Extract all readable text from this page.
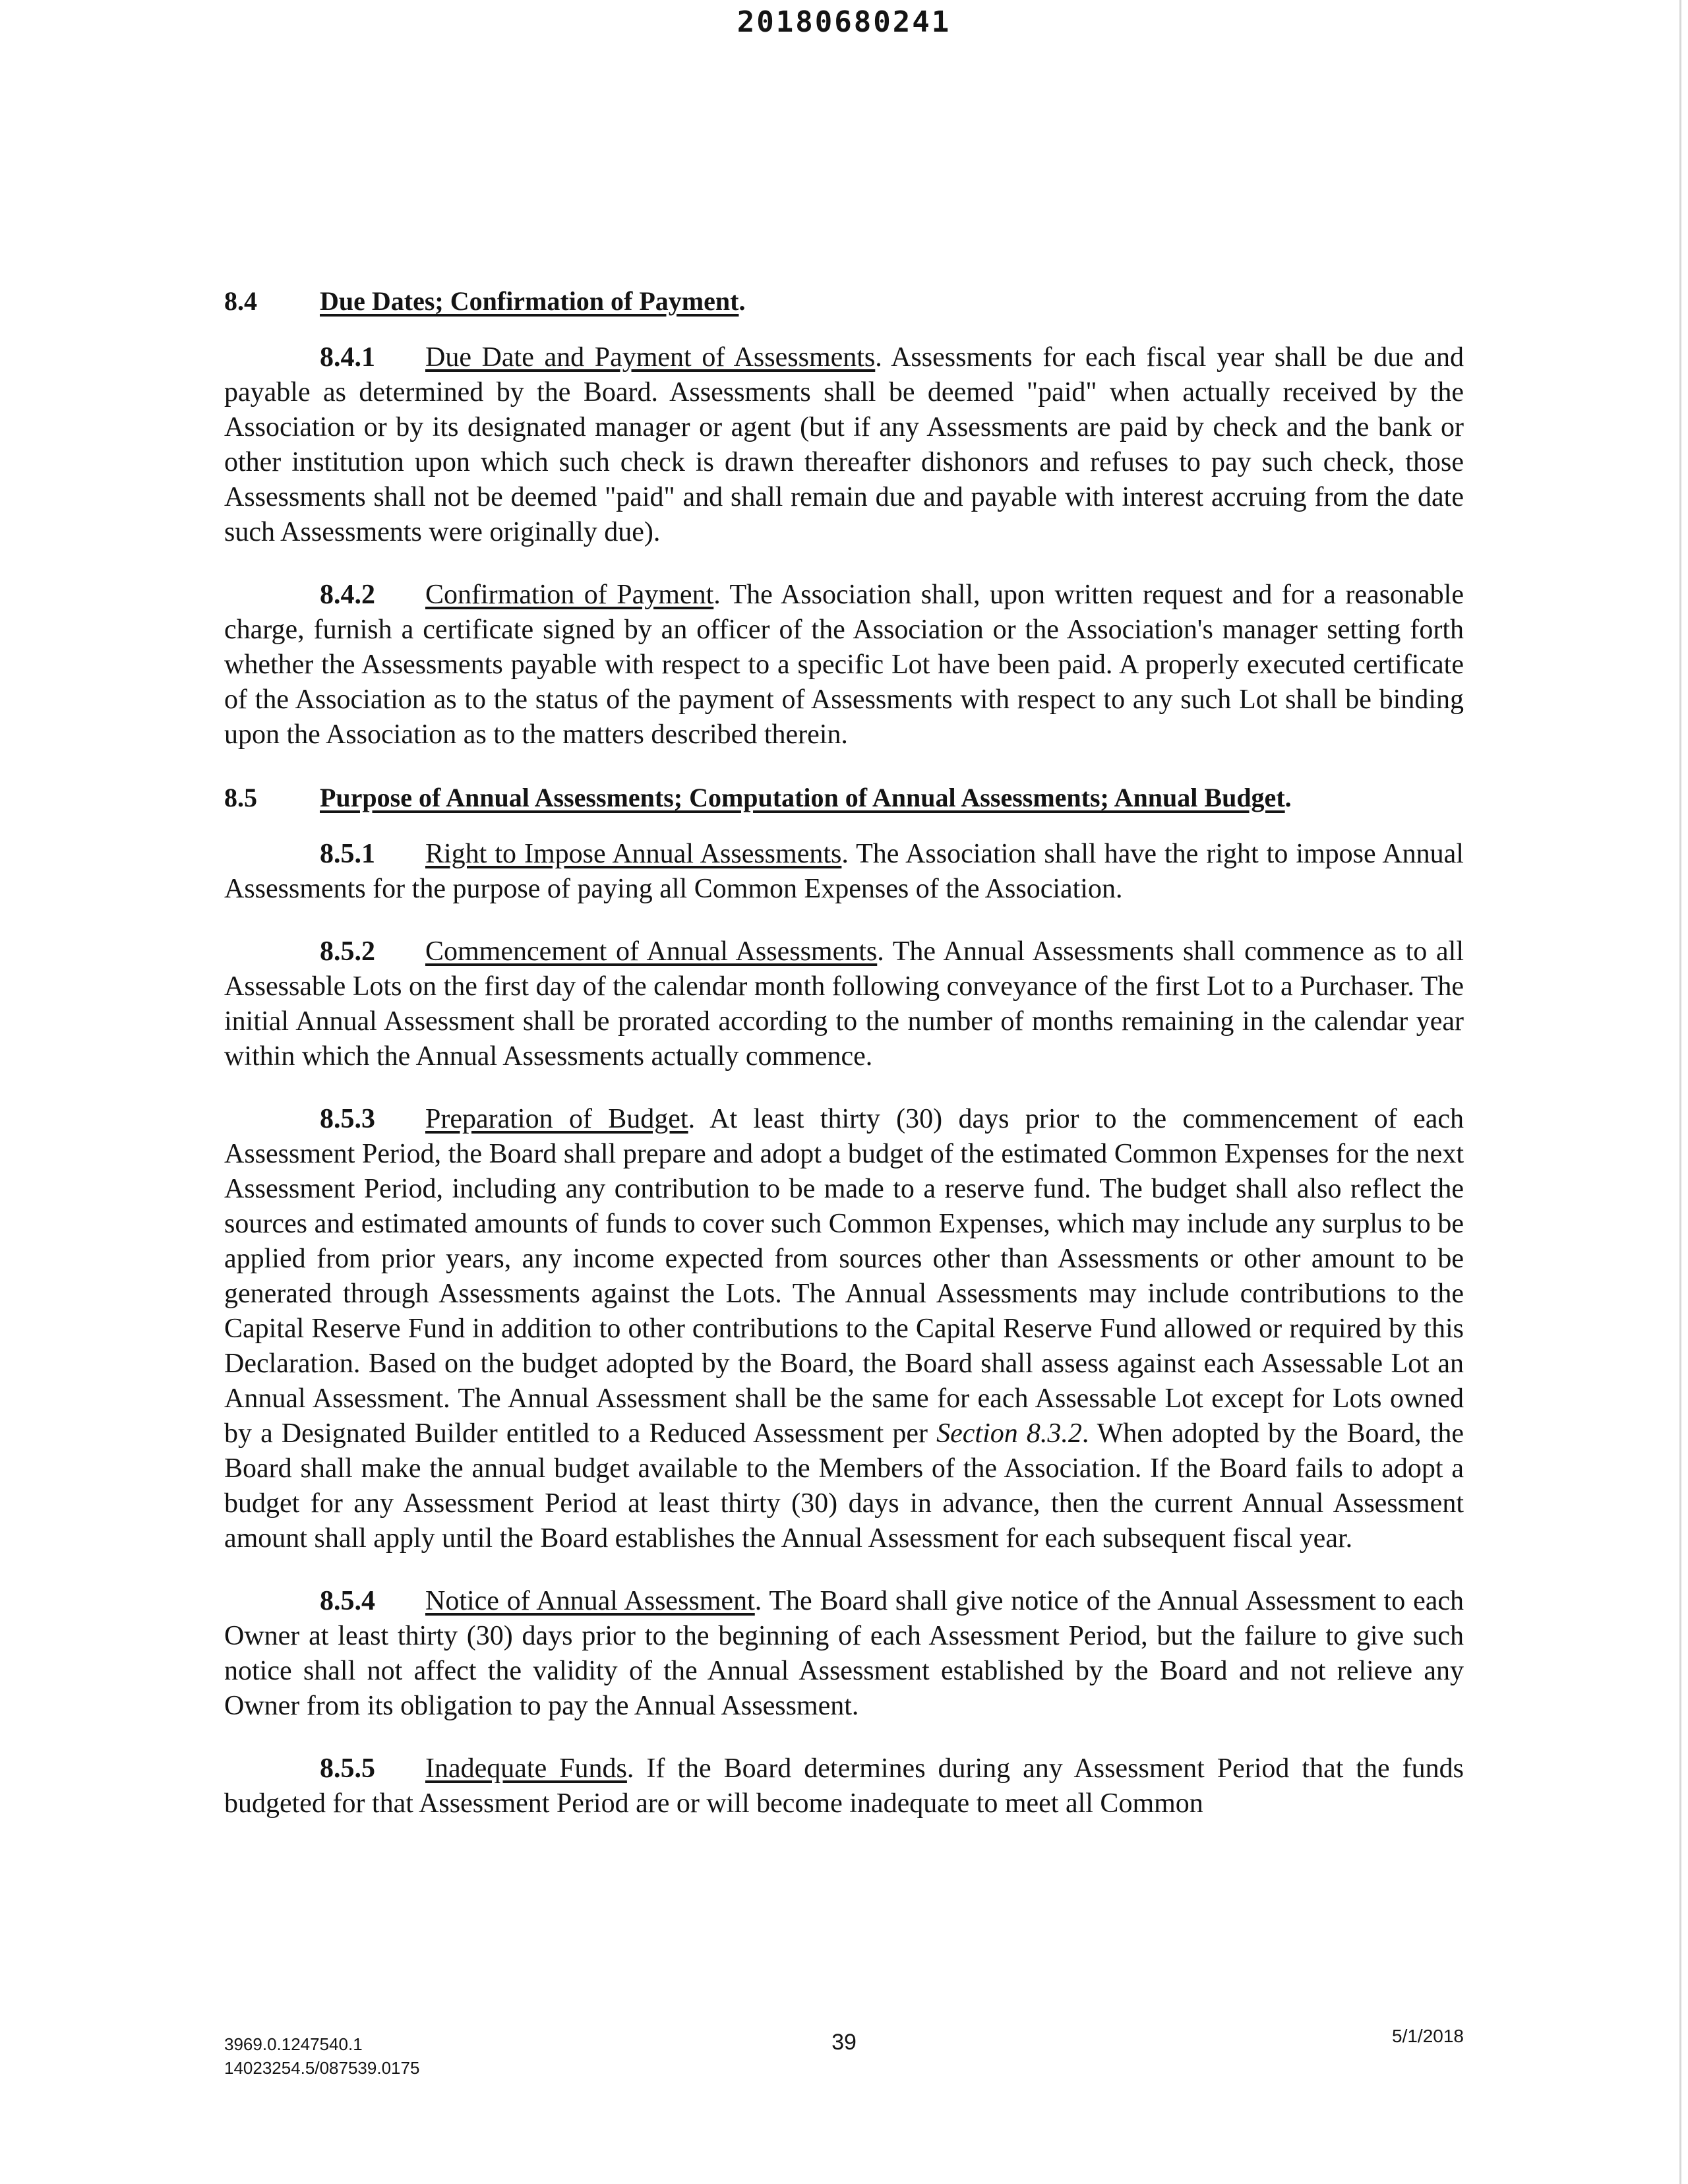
20180680241
8.4 Due Dates; Confirmation of Payment.

8.4.1 Due Date and Payment of Assessments. Assessments for each fiscal year shall be due and payable as determined by the Board. Assessments shall be deemed "paid" when actually received by the Association or by its designated manager or agent (but if any Assessments are paid by check and the bank or other institution upon which such check is drawn thereafter dishonors and refuses to pay such check, those Assessments shall not be deemed "paid" and shall remain due and payable with interest accruing from the date such Assessments were originally due).

8.4.2 Confirmation of Payment. The Association shall, upon written request and for a reasonable charge, furnish a certificate signed by an officer of the Association or the Association's manager setting forth whether the Assessments payable with respect to a specific Lot have been paid. A properly executed certificate of the Association as to the status of the payment of Assessments with respect to any such Lot shall be binding upon the Association as to the matters described therein.

8.5 Purpose of Annual Assessments; Computation of Annual Assessments; Annual Budget.

8.5.1 Right to Impose Annual Assessments. The Association shall have the right to impose Annual Assessments for the purpose of paying all Common Expenses of the Association.

8.5.2 Commencement of Annual Assessments. The Annual Assessments shall commence as to all Assessable Lots on the first day of the calendar month following conveyance of the first Lot to a Purchaser. The initial Annual Assessment shall be prorated according to the number of months remaining in the calendar year within which the Annual Assessments actually commence.

8.5.3 Preparation of Budget. At least thirty (30) days prior to the commencement of each Assessment Period, the Board shall prepare and adopt a budget of the estimated Common Expenses for the next Assessment Period, including any contribution to be made to a reserve fund. The budget shall also reflect the sources and estimated amounts of funds to cover such Common Expenses, which may include any surplus to be applied from prior years, any income expected from sources other than Assessments or other amount to be generated through Assessments against the Lots. The Annual Assessments may include contributions to the Capital Reserve Fund in addition to other contributions to the Capital Reserve Fund allowed or required by this Declaration. Based on the budget adopted by the Board, the Board shall assess against each Assessable Lot an Annual Assessment. The Annual Assessment shall be the same for each Assessable Lot except for Lots owned by a Designated Builder entitled to a Reduced Assessment per Section 8.3.2. When adopted by the Board, the Board shall make the annual budget available to the Members of the Association. If the Board fails to adopt a budget for any Assessment Period at least thirty (30) days in advance, then the current Annual Assessment amount shall apply until the Board establishes the Annual Assessment for each subsequent fiscal year.

8.5.4 Notice of Annual Assessment. The Board shall give notice of the Annual Assessment to each Owner at least thirty (30) days prior to the beginning of each Assessment Period, but the failure to give such notice shall not affect the validity of the Annual Assessment established by the Board and not relieve any Owner from its obligation to pay the Annual Assessment.

8.5.5 Inadequate Funds. If the Board determines during any Assessment Period that the funds budgeted for that Assessment Period are or will become inadequate to meet all Common

3969.0.1247540.1
14023254.5/087539.0175
39	5/1/2018
